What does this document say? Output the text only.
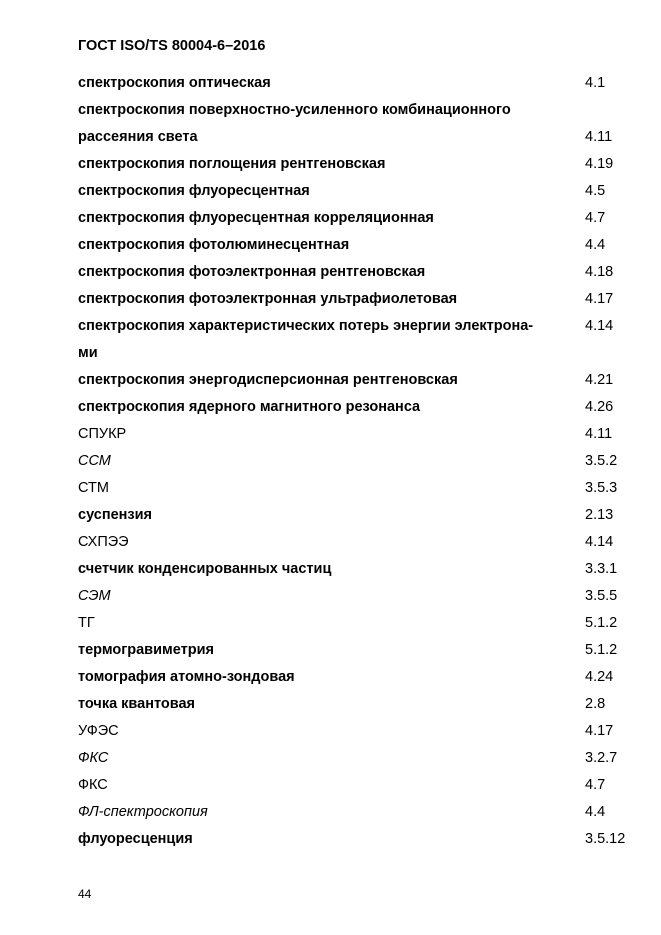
ГОСТ ISO/TS 80004-6–2016
спектроскопия оптическая	4.1
спектроскопия поверхностно-усиленного комбинационного
рассеяния света	4.11
спектроскопия поглощения рентгеновская	4.19
спектроскопия флуоресцентная	4.5
спектроскопия флуоресцентная корреляционная	4.7
спектроскопия фотолюминесцентная	4.4
спектроскопия фотоэлектронная рентгеновская	4.18
спектроскопия фотоэлектронная ультрафиолетовая	4.17
спектроскопия характеристических потерь энергии электрона-	4.14
ми
спектроскопия энергодисперсионная рентгеновская	4.21
спектроскопия ядерного магнитного резонанса	4.26
СПУКР	4.11
ССМ	3.5.2
СТМ	3.5.3
суспензия	2.13
СХПЭЭ	4.14
счетчик конденсированных частиц	3.3.1
СЭМ	3.5.5
ТГ	5.1.2
термогравиметрия	5.1.2
томография атомно-зондовая	4.24
точка квантовая	2.8
УФЭС	4.17
ФКС	3.2.7
ФКС	4.7
ФЛ-спектроскопия	4.4
флуоресценция	3.5.12
44
